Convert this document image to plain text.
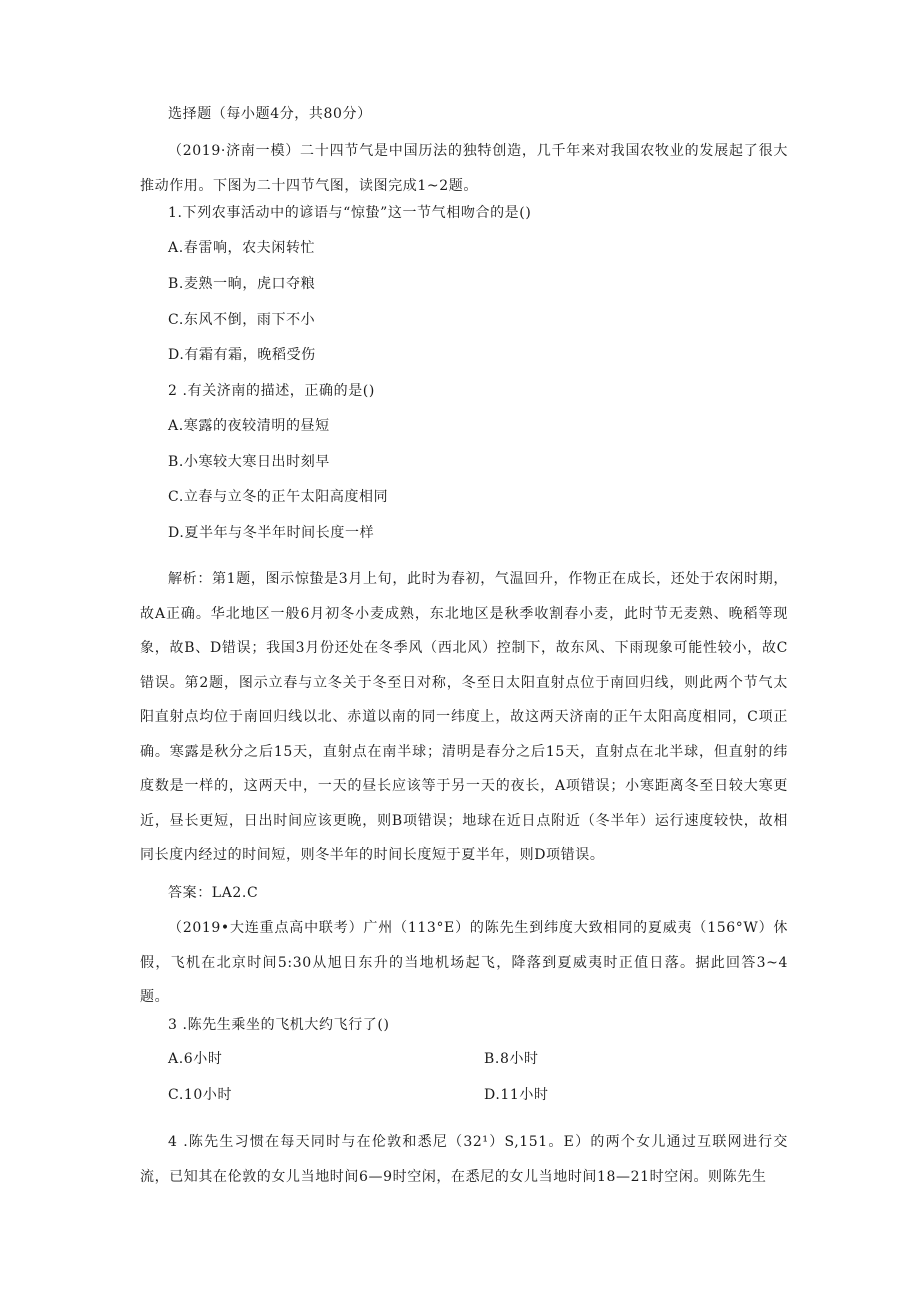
选择题（每小题4分，共80分）
（2019·济南一模）二十四节气是中国历法的独特创造，几千年来对我国农牧业的发展起了很大推动作用。下图为二十四节气图，读图完成1~2题。
1.下列农事活动中的谚语与“惊蛰”这一节气相吻合的是()
A.春雷响，农夫闲转忙
B.麦熟一晌，虎口夺粮
C.东风不倒，雨下不小
D.有霜有霜，晚稻受伤
2 .有关济南的描述，正确的是()
A.寒露的夜较清明的昼短
B.小寒较大寒日出时刻早
C.立春与立冬的正午太阳高度相同
D.夏半年与冬半年时间长度一样
解析：第1题，图示惊蛰是3月上旬，此时为春初，气温回升，作物正在成长，还处于农闲时期，故A正确。华北地区一般6月初冬小麦成熟，东北地区是秋季收割春小麦，此时节无麦熟、晚稻等现象，故B、D错误；我国3月份还处在冬季风（西北风）控制下，故东风、下雨现象可能性较小，故C错误。第2题，图示立春与立冬关于冬至日对称，冬至日太阳直射点位于南回归线，则此两个节气太阳直射点均位于南回归线以北、赤道以南的同一纬度上，故这两天济南的正午太阳高度相同，C项正确。寒露是秋分之后15天，直射点在南半球；清明是春分之后15天，直射点在北半球，但直射的纬度数是一样的，这两天中，一天的昼长应该等于另一天的夜长，A项错误；小寒距离冬至日较大寒更近，昼长更短，日出时间应该更晚，则B项错误；地球在近日点附近（冬半年）运行速度较快，故相同长度内经过的时间短，则冬半年的时间长度短于夏半年，则D项错误。
答案：LA2.C
（2019•大连重点高中联考）广州（113°E）的陈先生到纬度大致相同的夏威夷（156°W）休假，飞机在北京时间5:30从旭日东升的当地机场起飞，降落到夏威夷时正值日落。据此回答3~4题。
3 .陈先生乘坐的飞机大约飞行了()
A.6小时	B.8小时
C.10小时	D.11小时
4 .陈先生习惯在每天同时与在伦敦和悉尼（32¹）S,151。E）的两个女儿通过互联网进行交流，已知其在伦敦的女儿当地时间6—9时空闲，在悉尼的女儿当地时间18—21时空闲。则陈先生
